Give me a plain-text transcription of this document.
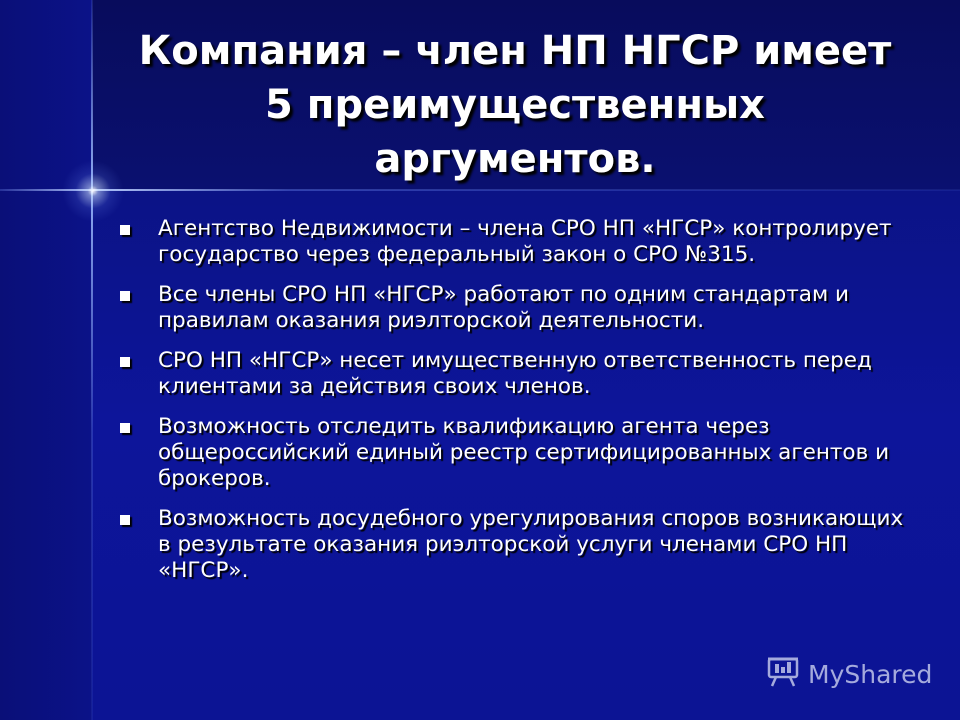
Компания – член НП НГСР имеет 5 преимущественных аргументов.
Агентство Недвижимости – члена СРО НП «НГСР» контролирует государство через федеральный закон о СРО №315.
Все члены СРО НП «НГСР» работают по одним стандартам и правилам оказания риэлторской деятельности.
СРО НП «НГСР» несет имущественную ответственность перед клиентами за действия своих членов.
Возможность отследить квалификацию агента через общероссийский единый реестр сертифицированных агентов и брокеров.
Возможность досудебного урегулирования споров возникающих в результате оказания риэлторской услуги членами СРО НП «НГСР».
MyShared
